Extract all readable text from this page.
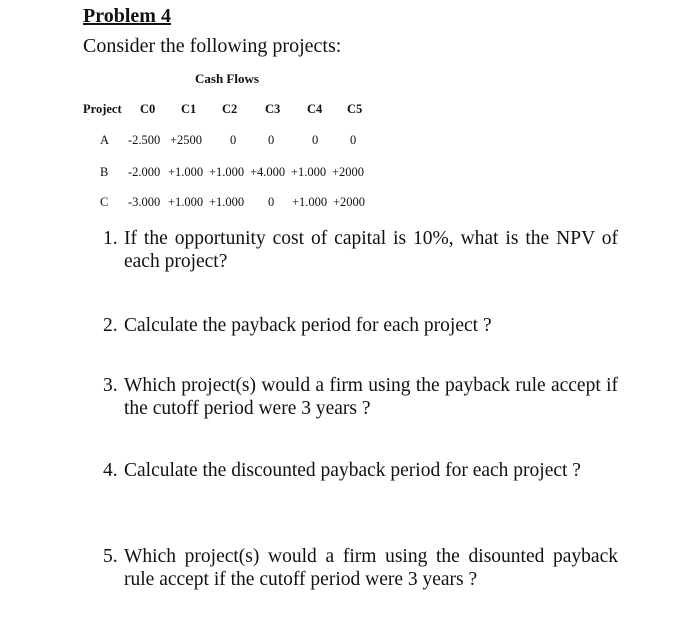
Problem 4
Consider the following projects:
Cash Flows
Project C0 C1 C2 C3 C4 C5
A -2.500 +2500 0	0	0	0
B -2.000 +1.000 +1.000 +4.000 +1.000 +2000
C -3.000 +1.000 +1.000 0 +1.000 +2000
1. If the opportunity cost of capital is 10%, what is the NPV of each project?
2. Calculate the payback period for each project ?
3. Which project(s) would a firm using the payback rule accept if the cutoff period were 3 years ?
4. Calculate the discounted payback period for each project ?
5. Which project(s) would a firm using the disounted payback rule accept if the cutoff period were 3 years ?
